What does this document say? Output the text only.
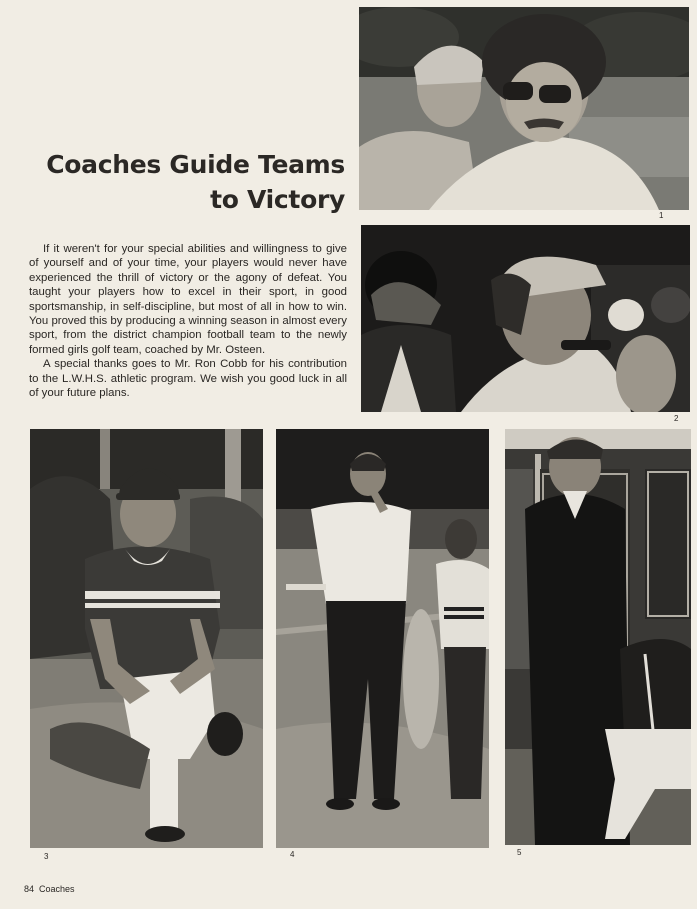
1
Coaches Guide Teams
to Victory
2

If it weren't for your special abilities and willingness to give of yourself and of your time, your players would never have experienced the thrill of victory or the agony of defeat. You taught your players how to excel in their sport, in good sportsmanship, in self-discipline, but most of all in how to win. You proved this by producing a winning season in almost every sport, from the district champion football team to the newly formed girls golf team, coached by Mr. Osteen.

A special thanks goes to Mr. Ron Cobb for his contribution to the L.W.H.S. athletic program. We wish you good luck in all of your future plans.

3	4	5
84 Coaches
